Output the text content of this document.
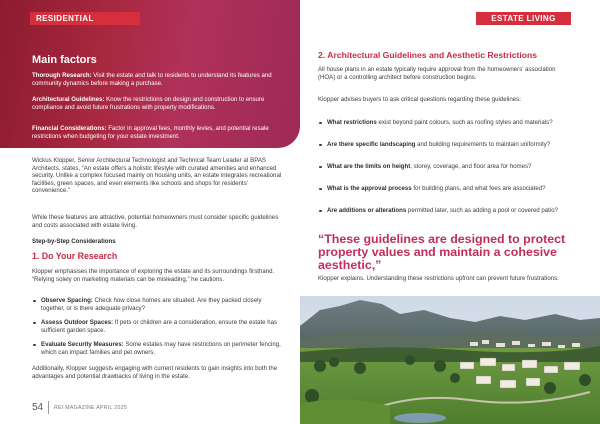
RESIDENTIAL
Main factors
Thorough Research: Visit the estate and talk to residents to understand its features and community dynamics before making a purchase.
Architectural Guidelines: Know the restrictions on design and construction to ensure compliance and avoid future frustrations with property modifications.
Financial Considerations: Factor in approval fees, monthly levies, and potential resale restrictions when budgeting for your estate investment.

Wickus Klopper, Senior Architectural Technologist and Technical Team Leader at BPAS Architects, states, “An estate offers a holistic lifestyle with curated amenities and enhanced security. Unlike a complex focused mainly on housing units, an estate integrates recreational facilities, green spaces, and even elements like schools and shops for residents’ convenience.”

While these features are attractive, potential homeowners must consider specific guidelines and costs associated with estate living.

Step-by-Step Considerations

1. Do Your Research

Klopper emphasises the importance of exploring the estate and its surroundings firsthand. “Relying solely on marketing materials can be misleading,” he cautions.

Observe Spacing: Check how close homes are situated. Are they packed closely together, or is there adequate privacy?
Assess Outdoor Spaces: If pets or children are a consideration, ensure the estate has sufficient garden space.
Evaluate Security Measures: Some estates may have restrictions on perimeter fencing, which can impact families and pet owners.

Additionally, Klopper suggests engaging with current residents to gain insights into both the advantages and potential drawbacks of living in the estate.

54 REI MAGAZINE APRIL 2025
ESTATE LIVING
2. Architectural Guidelines and Aesthetic Restrictions

All house plans in an estate typically require approval from the homeowners’ association (HOA) or a controlling architect before construction begins.

Klopper advises buyers to ask critical questions regarding these guidelines:

What restrictions exist beyond paint colours, such as roofing styles and materials?
Are there specific landscaping and building requirements to maintain uniformity?
What are the limits on height, storey, coverage, and floor area for homes?
What is the approval process for building plans, and what fees are associated?
Are additions or alterations permitted later, such as adding a pool or covered patio?
“These guidelines are designed to protect property values and maintain a cohesive aesthetic,”

Klopper explains. Understanding these restrictions upfront can prevent future frustrations.
